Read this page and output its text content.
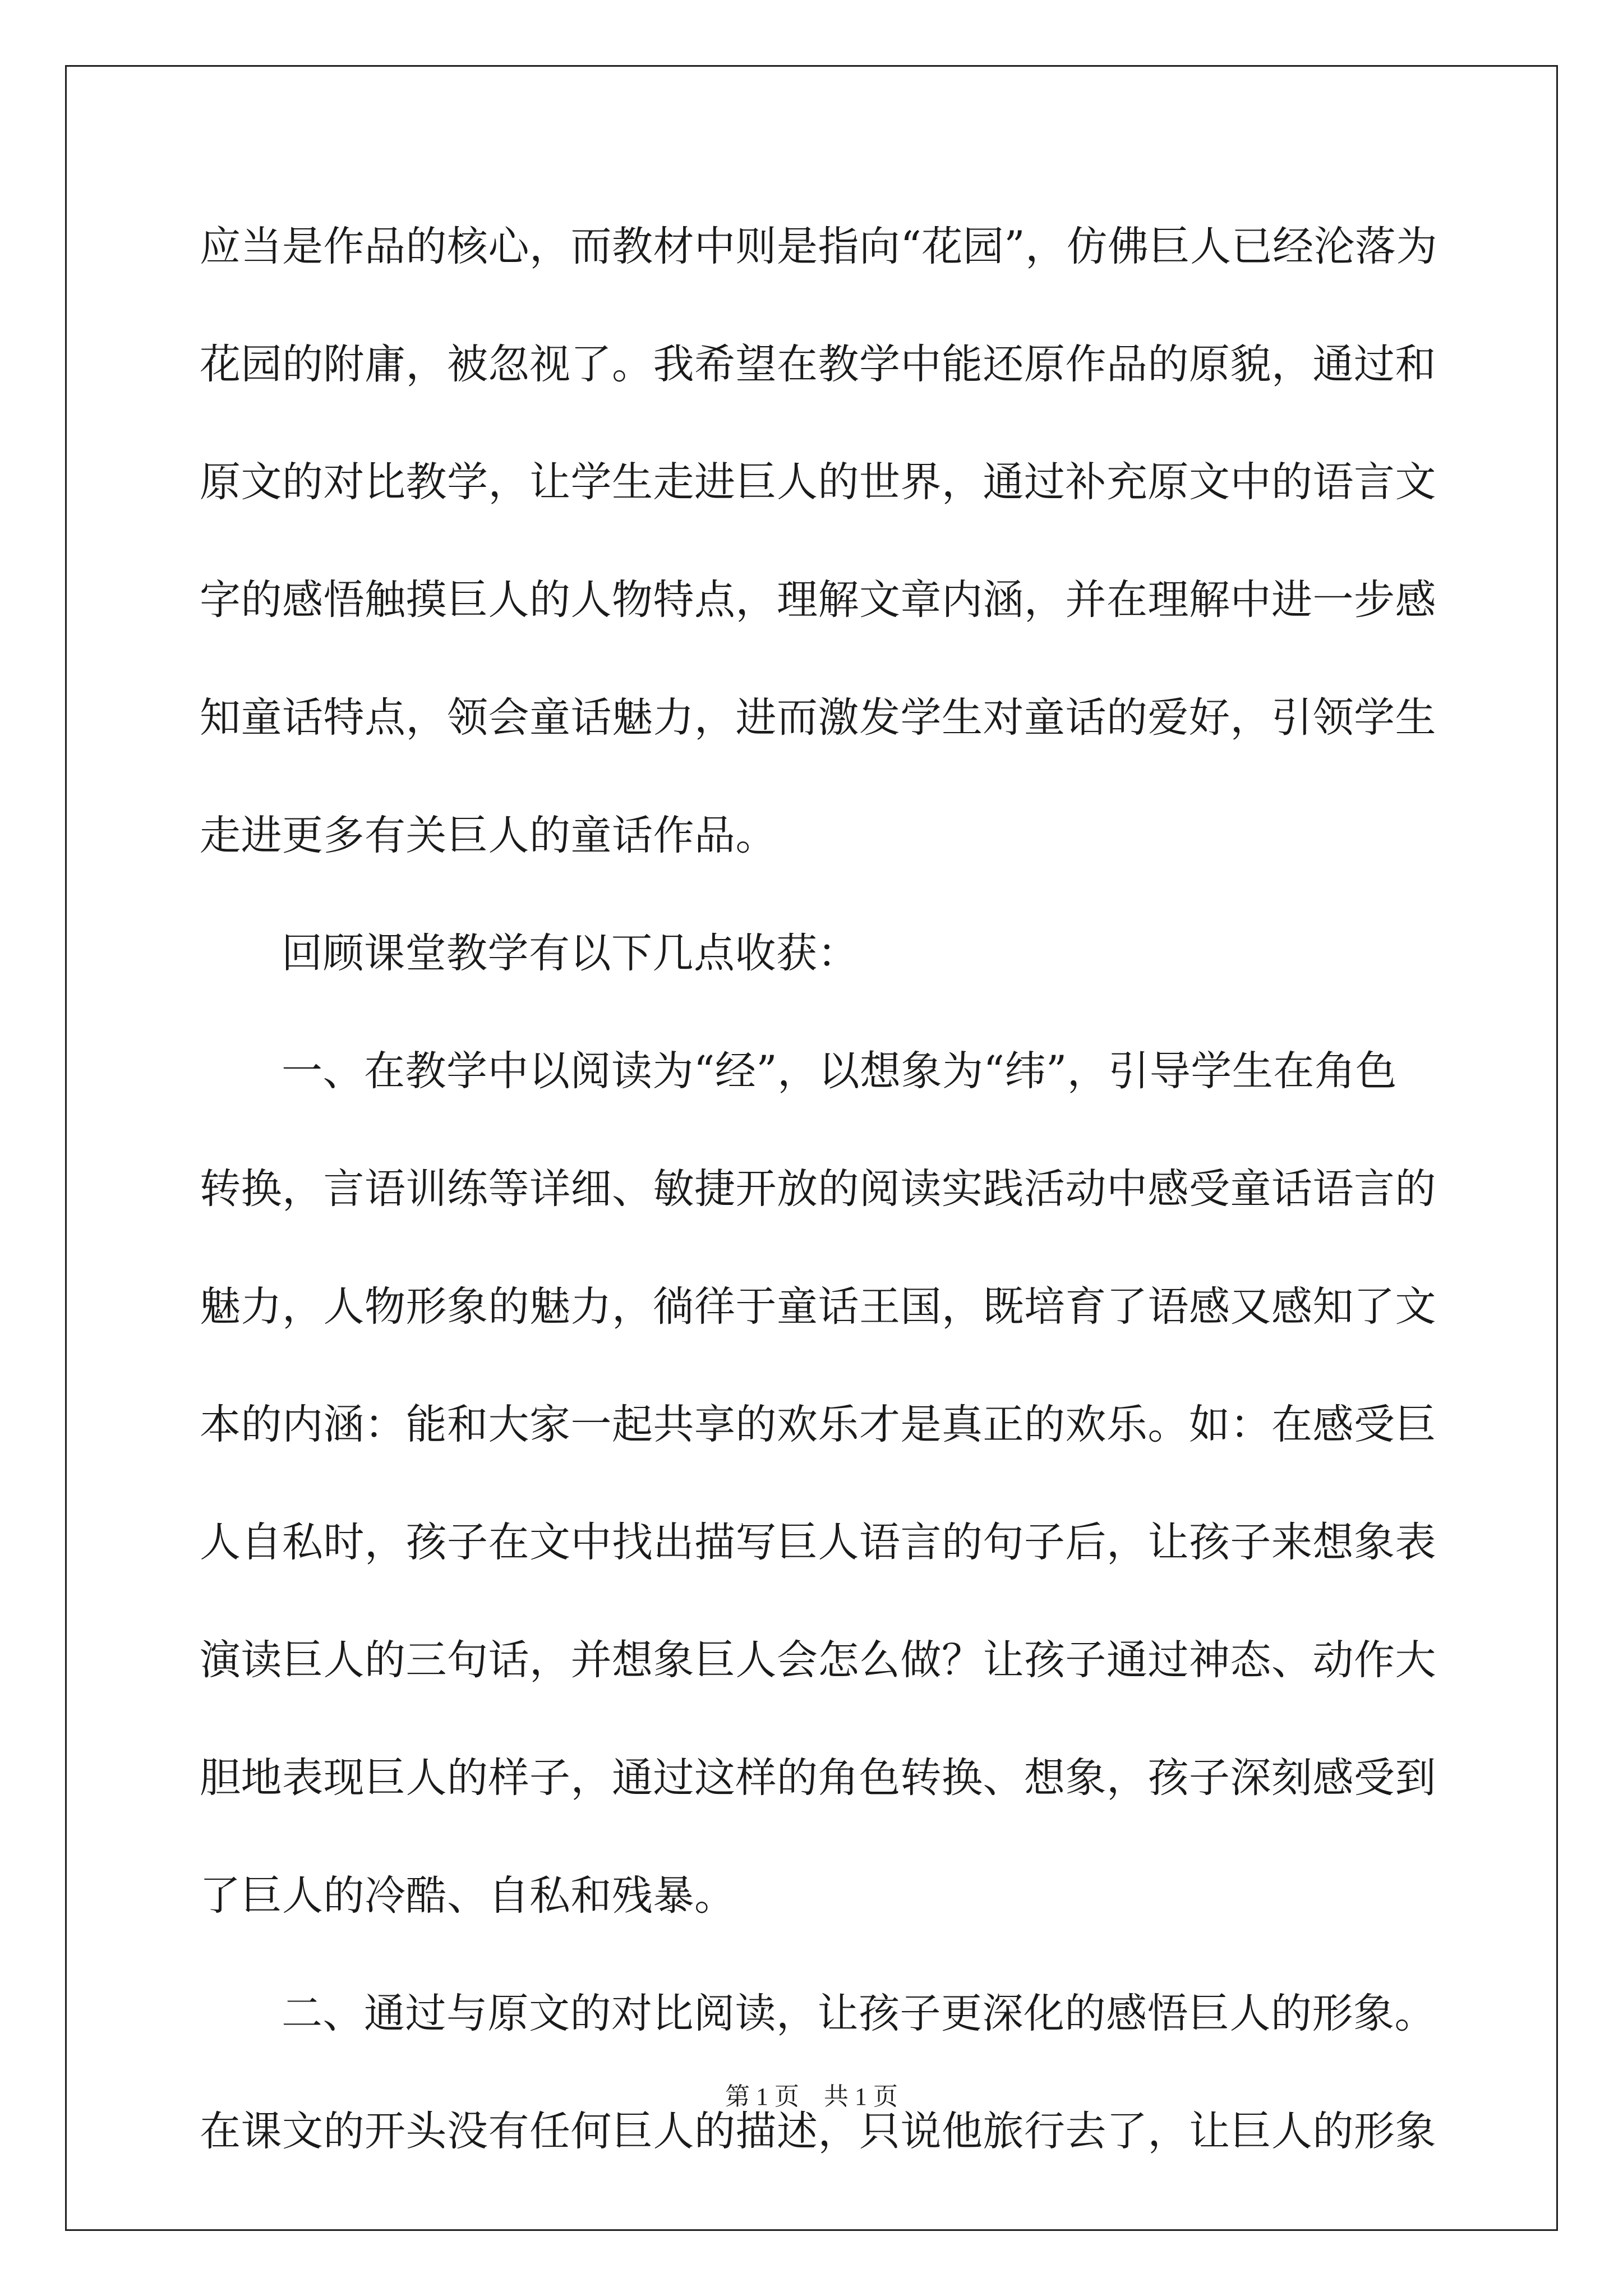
应当是作品的核心，而教材中则是指向“花园”，仿佛巨人已经沦落为
花园的附庸，被忽视了。我希望在教学中能还原作品的原貌，通过和
原文的对比教学，让学生走进巨人的世界，通过补充原文中的语言文
字的感悟触摸巨人的人物特点，理解文章内涵，并在理解中进一步感
知童话特点，领会童话魅力，进而激发学生对童话的爱好，引领学生
走进更多有关巨人的童话作品。
回顾课堂教学有以下几点收获：
一、在教学中以阅读为“经”，以想象为“纬”，引导学生在角色
转换，言语训练等详细、敏捷开放的阅读实践活动中感受童话语言的
魅力，人物形象的魅力，徜徉于童话王国，既培育了语感又感知了文
本的内涵：能和大家一起共享的欢乐才是真正的欢乐。如：在感受巨
人自私时，孩子在文中找出描写巨人语言的句子后，让孩子来想象表
演读巨人的三句话，并想象巨人会怎么做？让孩子通过神态、动作大
胆地表现巨人的样子，通过这样的角色转换、想象，孩子深刻感受到
了巨人的冷酷、自私和残暴。
二、通过与原文的对比阅读，让孩子更深化的感悟巨人的形象。
在课文的开头没有任何巨人的描述，只说他旅行去了，让巨人的形象
第 1 页　共 1 页
